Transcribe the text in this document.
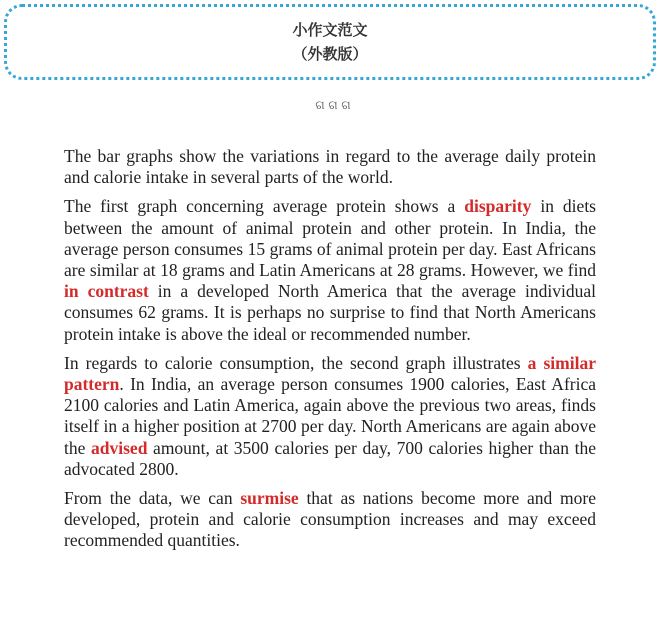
小作文范文
（外教版）
ଗ ଗ ଗ

The bar graphs show the variations in regard to the average daily protein and calorie intake in several parts of the world.

The first graph concerning average protein shows a disparity in diets between the amount of animal protein and other protein. In India, the average person consumes 15 grams of animal protein per day. East Africans are similar at 18 grams and Latin Americans at 28 grams. However, we find in contrast in a developed North America that the average individual consumes 62 grams. It is perhaps no surprise to find that North Americans protein intake is above the ideal or recommended number.

In regards to calorie consumption, the second graph illustrates a similar pattern. In India, an average person consumes 1900 calories, East Africa 2100 calories and Latin America, again above the previous two areas, finds itself in a higher position at 2700 per day. North Americans are again above the advised amount, at 3500 calories per day, 700 calories higher than the advocated 2800.

From the data, we can surmise that as nations become more and more developed, protein and calorie consumption increases and may exceed recommended quantities.
